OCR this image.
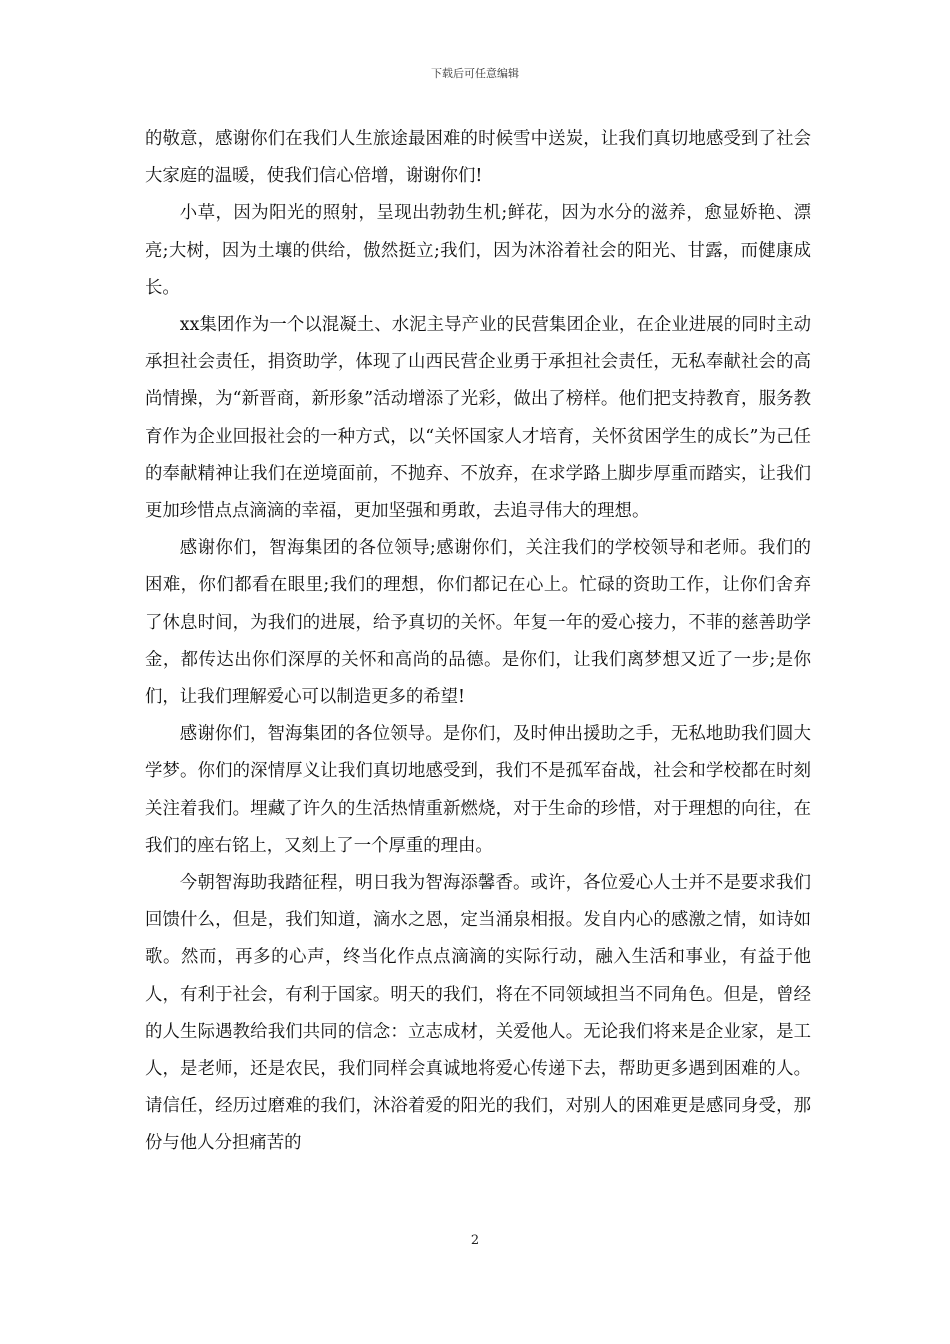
下载后可任意编辑

的敬意，感谢你们在我们人生旅途最困难的时候雪中送炭，让我们真切地感受到了社会大家庭的温暖，使我们信心倍增，谢谢你们!

小草，因为阳光的照射，呈现出勃勃生机;鲜花，因为水分的滋养，愈显娇艳、漂亮;大树，因为土壤的供给，傲然挺立;我们，因为沐浴着社会的阳光、甘露，而健康成长。

xx集团作为一个以混凝土、水泥主导产业的民营集团企业，在企业进展的同时主动承担社会责任，捐资助学，体现了山西民营企业勇于承担社会责任，无私奉献社会的高尚情操，为“新晋商，新形象”活动增添了光彩，做出了榜样。他们把支持教育，服务教育作为企业回报社会的一种方式，以“关怀国家人才培育，关怀贫困学生的成长”为己任的奉献精神让我们在逆境面前，不抛弃、不放弃，在求学路上脚步厚重而踏实，让我们更加珍惜点点滴滴的幸福，更加坚强和勇敢，去追寻伟大的理想。

感谢你们，智海集团的各位领导;感谢你们，关注我们的学校领导和老师。我们的困难，你们都看在眼里;我们的理想，你们都记在心上。忙碌的资助工作，让你们舍弃了休息时间，为我们的进展，给予真切的关怀。年复一年的爱心接力，不菲的慈善助学金，都传达出你们深厚的关怀和高尚的品德。是你们，让我们离梦想又近了一步;是你们，让我们理解爱心可以制造更多的希望!

感谢你们，智海集团的各位领导。是你们，及时伸出援助之手，无私地助我们圆大学梦。你们的深情厚义让我们真切地感受到，我们不是孤军奋战，社会和学校都在时刻关注着我们。埋藏了许久的生活热情重新燃烧，对于生命的珍惜，对于理想的向往，在我们的座右铭上，又刻上了一个厚重的理由。

今朝智海助我踏征程，明日我为智海添馨香。或许，各位爱心人士并不是要求我们回馈什么，但是，我们知道，滴水之恩，定当涌泉相报。发自内心的感激之情，如诗如歌。然而，再多的心声，终当化作点点滴滴的实际行动，融入生活和事业，有益于他人，有利于社会，有利于国家。明天的我们，将在不同领域担当不同角色。但是，曾经的人生际遇教给我们共同的信念：立志成材，关爱他人。无论我们将来是企业家，是工人，是老师，还是农民，我们同样会真诚地将爱心传递下去，帮助更多遇到困难的人。请信任，经历过磨难的我们，沐浴着爱的阳光的我们，对别人的困难更是感同身受，那份与他人分担痛苦的

2
